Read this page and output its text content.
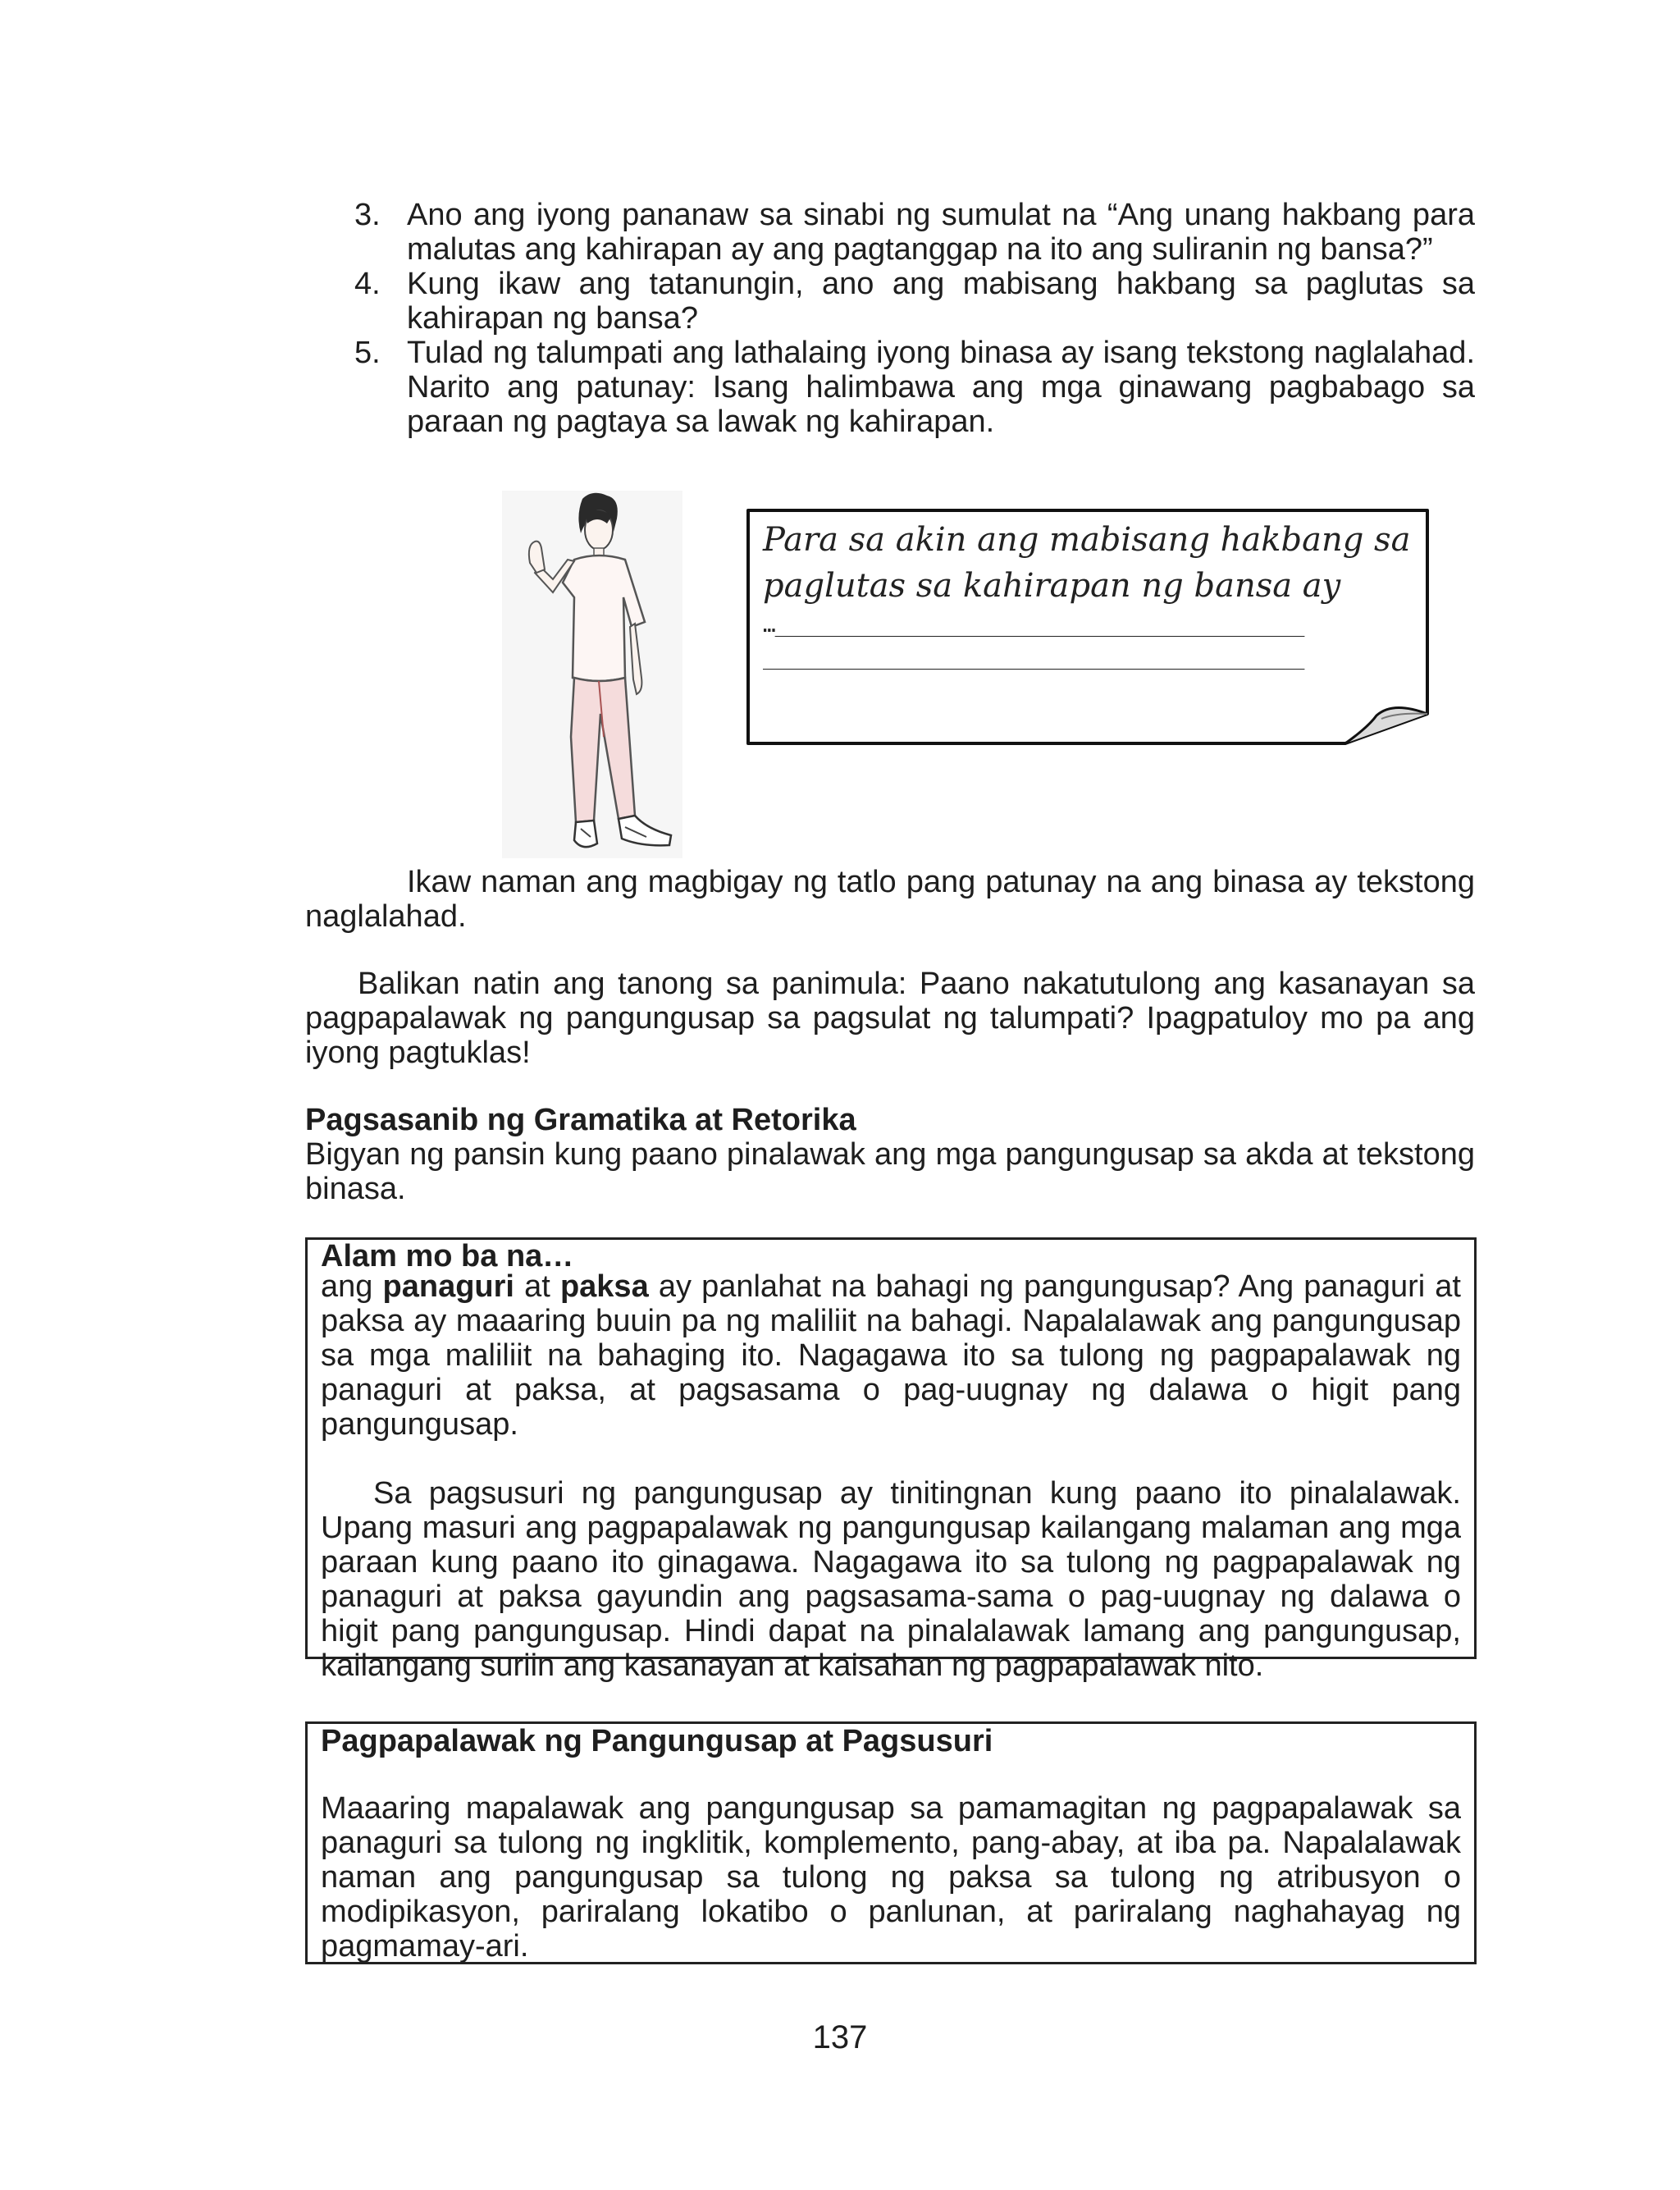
3. Ano ang iyong pananaw sa sinabi ng sumulat na “Ang unang hakbang para malutas ang kahirapan ay ang pagtanggap na ito ang suliranin ng bansa?”
4. Kung ikaw ang tatanungin, ano ang mabisang hakbang sa paglutas sa kahirapan ng bansa?
5. Tulad ng talumpati ang lathalaing iyong binasa ay isang tekstong naglalahad. Narito ang patunay: Isang halimbawa ang mga ginawang pagbabago sa paraan ng pagtaya sa lawak ng kahirapan.
Para sa akin ang mabisang hakbang sa
paglutas sa kahirapan ng bansa ay
…____________________________________________
_____________________________________________
Ikaw naman ang magbigay ng tatlo pang patunay na ang binasa ay tekstong naglalahad.
Balikan natin ang tanong sa panimula: Paano nakatutulong ang kasanayan sa pagpapalawak ng pangungusap sa pagsulat ng talumpati? Ipagpatuloy mo pa ang iyong pagtuklas!
Pagsasanib ng Gramatika at Retorika
Bigyan ng pansin kung paano pinalawak ang mga pangungusap sa akda at tekstong binasa.
Alam mo ba na…

ang panaguri at paksa ay panlahat na bahagi ng pangungusap? Ang panaguri at paksa ay maaaring buuin pa ng maliliit na bahagi. Napalalawak ang pangungusap sa mga maliliit na bahaging ito. Nagagawa ito sa tulong ng pagpapalawak ng panaguri at paksa, at pagsasama o pag-uugnay ng dalawa o higit pang pangungusap.

Sa pagsusuri ng pangungusap ay tinitingnan kung paano ito pinalalawak. Upang masuri ang pagpapalawak ng pangungusap kailangang malaman ang mga paraan kung paano ito ginagawa. Nagagawa ito sa tulong ng pagpapalawak ng panaguri at paksa gayundin ang pagsasama-sama o pag-uugnay ng dalawa o higit pang pangungusap. Hindi dapat na pinalalawak lamang ang pangungusap, kailangang suriin ang kasanayan at kaisahan ng pagpapalawak nito.

Pagpapalawak ng Pangungusap at Pagsusuri

Maaaring mapalawak ang pangungusap sa pamamagitan ng pagpapalawak sa panaguri sa tulong ng ingklitik, komplemento, pang-abay, at iba pa. Napalalawak naman ang pangungusap sa tulong ng paksa sa tulong ng atribusyon o modipikasyon, pariralang lokatibo o panlunan, at pariralang naghahayag ng pagmamay-ari.

137
